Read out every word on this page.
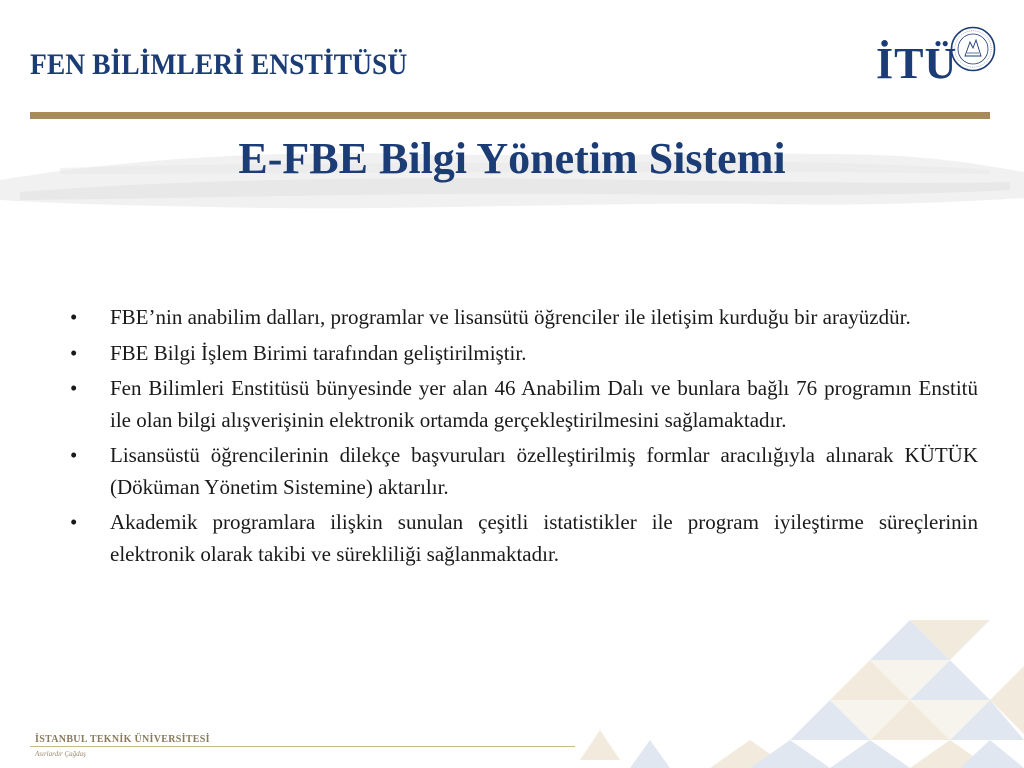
FEN BİLİMLERİ ENSTİTÜSÜ	İTÜ
E-FBE Bilgi Yönetim Sistemi
•	FBE’nin anabilim dalları, programlar ve lisansütü öğrenciler ile iletişim kurduğu bir arayüzdür.
•	FBE Bilgi İşlem Birimi tarafından geliştirilmiştir.
•	Fen Bilimleri Enstitüsü bünyesinde yer alan 46 Anabilim Dalı ve bunlara bağlı 76 programın Enstitü ile olan bilgi alışverişinin elektronik ortamda gerçekleştirilmesini sağlamaktadır.
•	Lisansüstü öğrencilerinin dilekçe başvuruları özelleştirilmiş formlar aracılığıyla alınarak KÜTÜK (Döküman Yönetim Sistemine) aktarılır.
•	Akademik programlara ilişkin sunulan çeşitli istatistikler ile program iyileştirme süreçlerinin elektronik olarak takibi ve sürekliliği sağlanmaktadır.
İSTANBUL TEKNİK ÜNİVERSİTESİ
Asırlardır Çağdaş
